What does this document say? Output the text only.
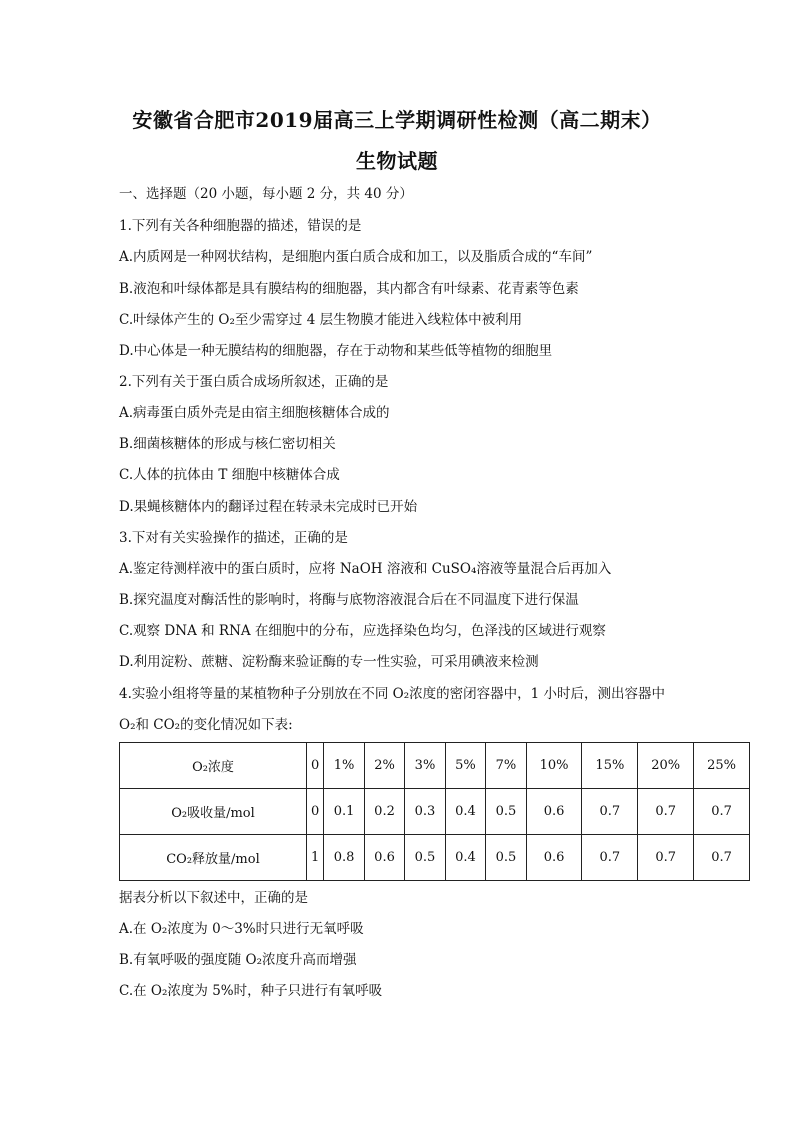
安徽省合肥市2019届高三上学期调研性检测（高二期末）
生物试题
一、选择题（20 小题，每小题 2 分，共 40 分）
1.下列有关各种细胞器的描述，错误的是
A.内质网是一种网状结构，是细胞内蛋白质合成和加工，以及脂质合成的“车间”
B.液泡和叶绿体都是具有膜结构的细胞器，其内都含有叶绿素、花青素等色素
C.叶绿体产生的 O₂至少需穿过 4 层生物膜才能进入线粒体中被利用
D.中心体是一种无膜结构的细胞器，存在于动物和某些低等植物的细胞里
2.下列有关于蛋白质合成场所叙述，正确的是
A.病毒蛋白质外壳是由宿主细胞核糖体合成的
B.细菌核糖体的形成与核仁密切相关
C.人体的抗体由 T 细胞中核糖体合成
D.果蝇核糖体内的翻译过程在转录未完成时已开始
3.下对有关实验操作的描述，正确的是
A.鉴定待测样液中的蛋白质时，应将 NaOH 溶液和 CuSO₄溶液等量混合后再加入
B.探究温度对酶活性的影响时，将酶与底物溶液混合后在不同温度下进行保温
C.观察 DNA 和 RNA 在细胞中的分布，应选择染色均匀，色泽浅的区域进行观察
D.利用淀粉、蔗糖、淀粉酶来验证酶的专一性实验，可采用碘液来检测
4.实验小组将等量的某植物种子分别放在不同 O₂浓度的密闭容器中，1 小时后，测出容器中
O₂和 CO₂的变化情况如下表:
O₂浓度	0	1%	2%	3%	5%	7%	10%	15%	20%	25%
O₂吸收量/mol	0	0.1	0.2	0.3	0.4	0.5	0.6	0.7	0.7	0.7
CO₂释放量/mol	1	0.8	0.6	0.5	0.4	0.5	0.6	0.7	0.7	0.7
据表分析以下叙述中，正确的是
A.在 O₂浓度为 0～3%时只进行无氧呼吸
B.有氧呼吸的强度随 O₂浓度升高而增强
C.在 O₂浓度为 5%时，种子只进行有氧呼吸
